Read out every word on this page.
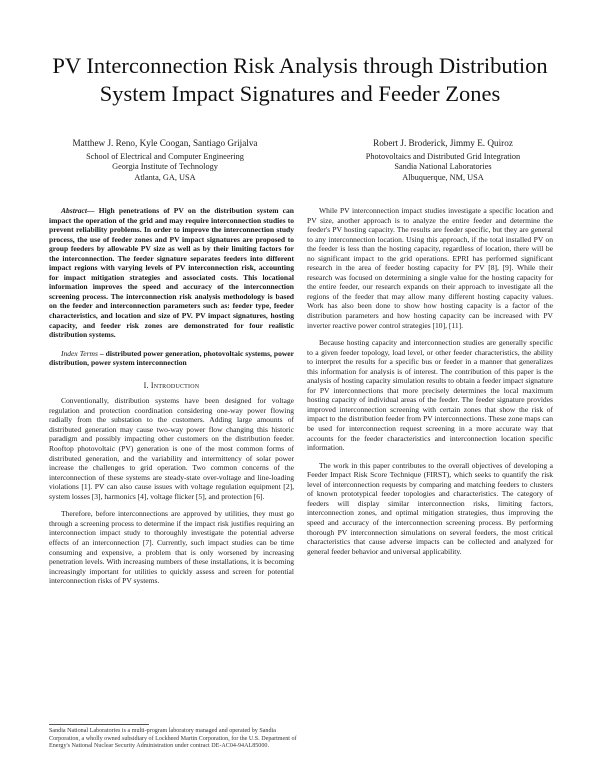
PV Interconnection Risk Analysis through Distribution
System Impact Signatures and Feeder Zones
Matthew J. Reno, Kyle Coogan, Santiago Grijalva
School of Electrical and Computer Engineering
Georgia Institute of Technology
Atlanta, GA, USA
Robert J. Broderick, Jimmy E. Quiroz
Photovoltaics and Distributed Grid Integration
Sandia National Laboratories
Albuquerque, NM, USA

Abstract— High penetrations of PV on the distribution system can impact the operation of the grid and may require interconnection studies to prevent reliability problems. In order to improve the interconnection study process, the use of feeder zones and PV impact signatures are proposed to group feeders by allowable PV size as well as by their limiting factors for the interconnection. The feeder signature separates feeders into different impact regions with varying levels of PV interconnection risk, accounting for impact mitigation strategies and associated costs. This locational information improves the speed and accuracy of the interconnection screening process. The interconnection risk analysis methodology is based on the feeder and interconnection parameters such as: feeder type, feeder characteristics, and location and size of PV. PV impact signatures, hosting capacity, and feeder risk zones are demonstrated for four realistic distribution systems.

Index Terms – distributed power generation, photovoltaic systems, power distribution, power system interconnection

I. Introduction

Conventionally, distribution systems have been designed for voltage regulation and protection coordination considering one-way power flowing radially from the substation to the customers. Adding large amounts of distributed generation may cause two-way power flow changing this historic paradigm and possibly impacting other customers on the distribution feeder. Rooftop photovoltaic (PV) generation is one of the most common forms of distributed generation, and the variability and intermittency of solar power increase the challenges to grid operation. Two common concerns of the interconnection of these systems are steady-state over-voltage and line-loading violations [1]. PV can also cause issues with voltage regulation equipment [2], system losses [3], harmonics [4], voltage flicker [5], and protection [6].

Therefore, before interconnections are approved by utilities, they must go through a screening process to determine if the impact risk justifies requiring an interconnection impact study to thoroughly investigate the potential adverse effects of an interconnection [7]. Currently, such impact studies can be time consuming and expensive, a problem that is only worsened by increasing penetration levels. With increasing numbers of these installations, it is becoming increasingly important for utilities to quickly assess and screen for potential interconnection risks of PV systems.

While PV interconnection impact studies investigate a specific location and PV size, another approach is to analyze the entire feeder and determine the feeder's PV hosting capacity. The results are feeder specific, but they are general to any interconnection location. Using this approach, if the total installed PV on the feeder is less than the hosting capacity, regardless of location, there will be no significant impact to the grid operations. EPRI has performed significant research in the area of feeder hosting capacity for PV [8], [9]. While their research was focused on determining a single value for the hosting capacity for the entire feeder, our research expands on their approach to investigate all the regions of the feeder that may allow many different hosting capacity values. Work has also been done to show how hosting capacity is a factor of the distribution parameters and how hosting capacity can be increased with PV inverter reactive power control strategies [10], [11].

Because hosting capacity and interconnection studies are generally specific to a given feeder topology, load level, or other feeder characteristics, the ability to interpret the results for a specific bus or feeder in a manner that generalizes this information for analysis is of interest. The contribution of this paper is the analysis of hosting capacity simulation results to obtain a feeder impact signature for PV interconnections that more precisely determines the local maximum hosting capacity of individual areas of the feeder. The feeder signature provides improved interconnection screening with certain zones that show the risk of impact to the distribution feeder from PV interconnections. These zone maps can be used for interconnection request screening in a more accurate way that accounts for the feeder characteristics and interconnection location specific information.

The work in this paper contributes to the overall objectives of developing a Feeder Impact Risk Score Technique (FIRST), which seeks to quantify the risk level of interconnection requests by comparing and matching feeders to clusters of known prototypical feeder topologies and characteristics. The category of feeders will display similar interconnection risks, limiting factors, interconnection zones, and optimal mitigation strategies, thus improving the speed and accuracy of the interconnection screening process. By performing thorough PV interconnection simulations on several feeders, the most critical characteristics that cause adverse impacts can be collected and analyzed for general feeder behavior and universal applicability.

Sandia National Laboratories is a multi-program laboratory managed and operated by Sandia Corporation, a wholly owned subsidiary of Lockheed Martin Corporation, for the U.S. Department of Energy's National Nuclear Security Administration under contract DE-AC04-94AL85000.
